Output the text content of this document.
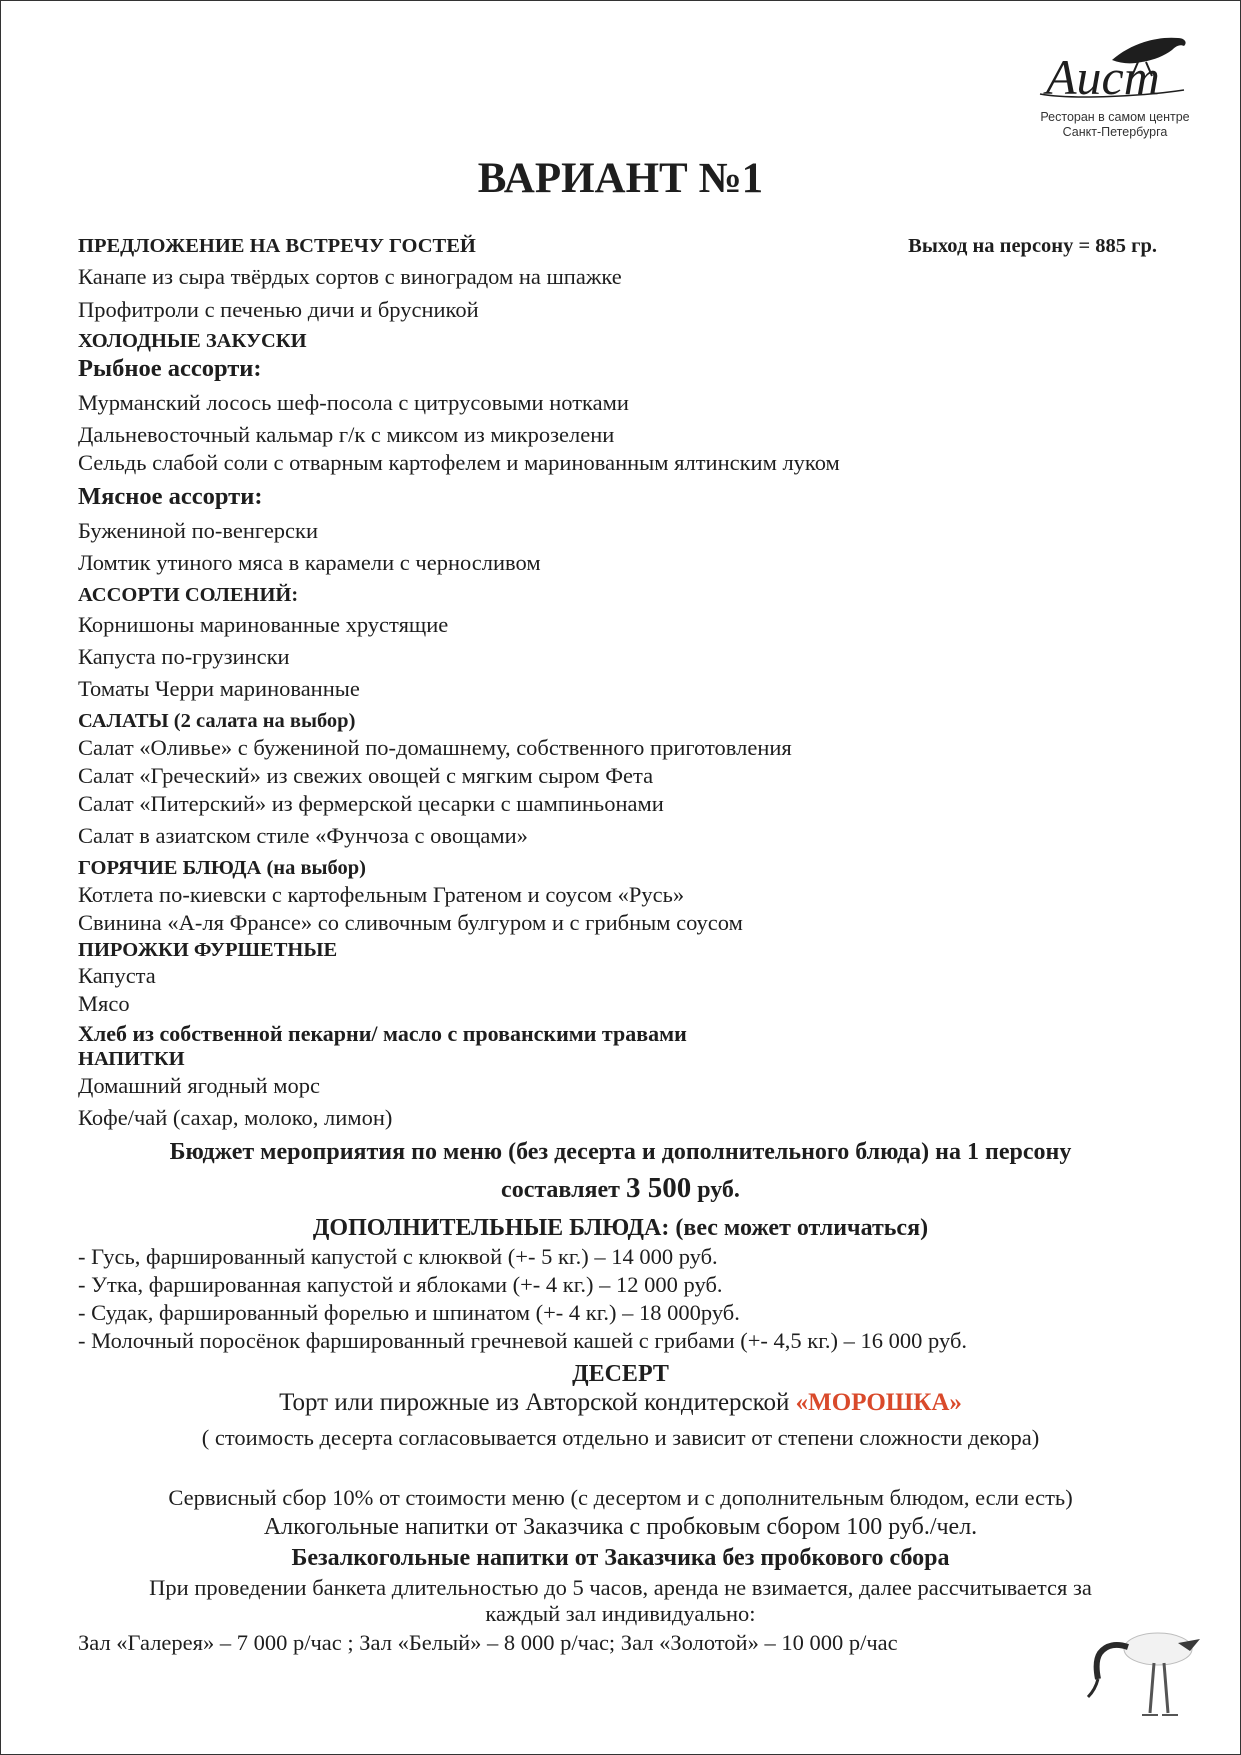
Аист
Ресторан в самом центре
Санкт-Петербурга
ВАРИАНТ №1
Выход на персону = 885 гр.
ПРЕДЛОЖЕНИЕ НА ВСТРЕЧУ ГОСТЕЙ
Канапе из сыра твёрдых сортов с виноградом на шпажке
Профитроли с печенью дичи и брусникой
ХОЛОДНЫЕ ЗАКУСКИ
Рыбное ассорти:
Мурманский лосось шеф-посола с цитрусовыми нотками
Дальневосточный кальмар г/к с миксом из микрозелени
Сельдь слабой соли с отварным картофелем и маринованным ялтинским луком
Мясное ассорти:
Бужениной по-венгерски
Ломтик утиного мяса в карамели с черносливом
АССОРТИ СОЛЕНИЙ:
Корнишоны маринованные хрустящие
Капуста по-грузински
Томаты Черри маринованные
САЛАТЫ (2 салата на выбор)
Салат «Оливье» с бужениной по-домашнему, собственного приготовления
Салат «Греческий» из свежих овощей с мягким сыром Фета
Салат «Питерский» из фермерской цесарки с шампиньонами
Салат в азиатском стиле «Фунчоза с овощами»
ГОРЯЧИЕ БЛЮДА (на выбор)
Котлета по-киевски с картофельным Гратеном и соусом «Русь»
Свинина «А-ля Франсе» со сливочным булгуром и с грибным соусом
ПИРОЖКИ ФУРШЕТНЫЕ
Капуста
Мясо
Хлеб из собственной пекарни/ масло с прованскими травами
НАПИТКИ
Домашний ягодный морс
Кофе/чай (сахар, молоко, лимон)
Бюджет мероприятия по меню (без десерта и дополнительного блюда) на 1 персону
составляет 3 500 руб.
ДОПОЛНИТЕЛЬНЫЕ БЛЮДА: (вес может отличаться)
- Гусь, фаршированный капустой с клюквой (+- 5 кг.) – 14 000 руб.
- Утка, фаршированная капустой и яблоками (+- 4 кг.) – 12 000 руб.
- Судак, фаршированный форелью и шпинатом (+- 4 кг.) – 18 000руб.
- Молочный поросёнок фаршированный гречневой кашей с грибами (+- 4,5 кг.) – 16 000 руб.
ДЕСЕРТ
Торт или пирожные из Авторской кондитерской «МОРОШКА»
( стоимость десерта согласовывается отдельно и зависит от степени сложности декора)
Сервисный сбор 10% от стоимости меню (с десертом и с дополнительным блюдом, если есть)
Алкогольные напитки от Заказчика с пробковым сбором 100 руб./чел.
Безалкогольные напитки от Заказчика без пробкового сбора
При проведении банкета длительностью до 5 часов, аренда не взимается, далее рассчитывается за
каждый зал индивидуально:
Зал «Галерея» – 7 000 р/час ; Зал «Белый» – 8 000 р/час; Зал «Золотой» – 10 000 р/час
